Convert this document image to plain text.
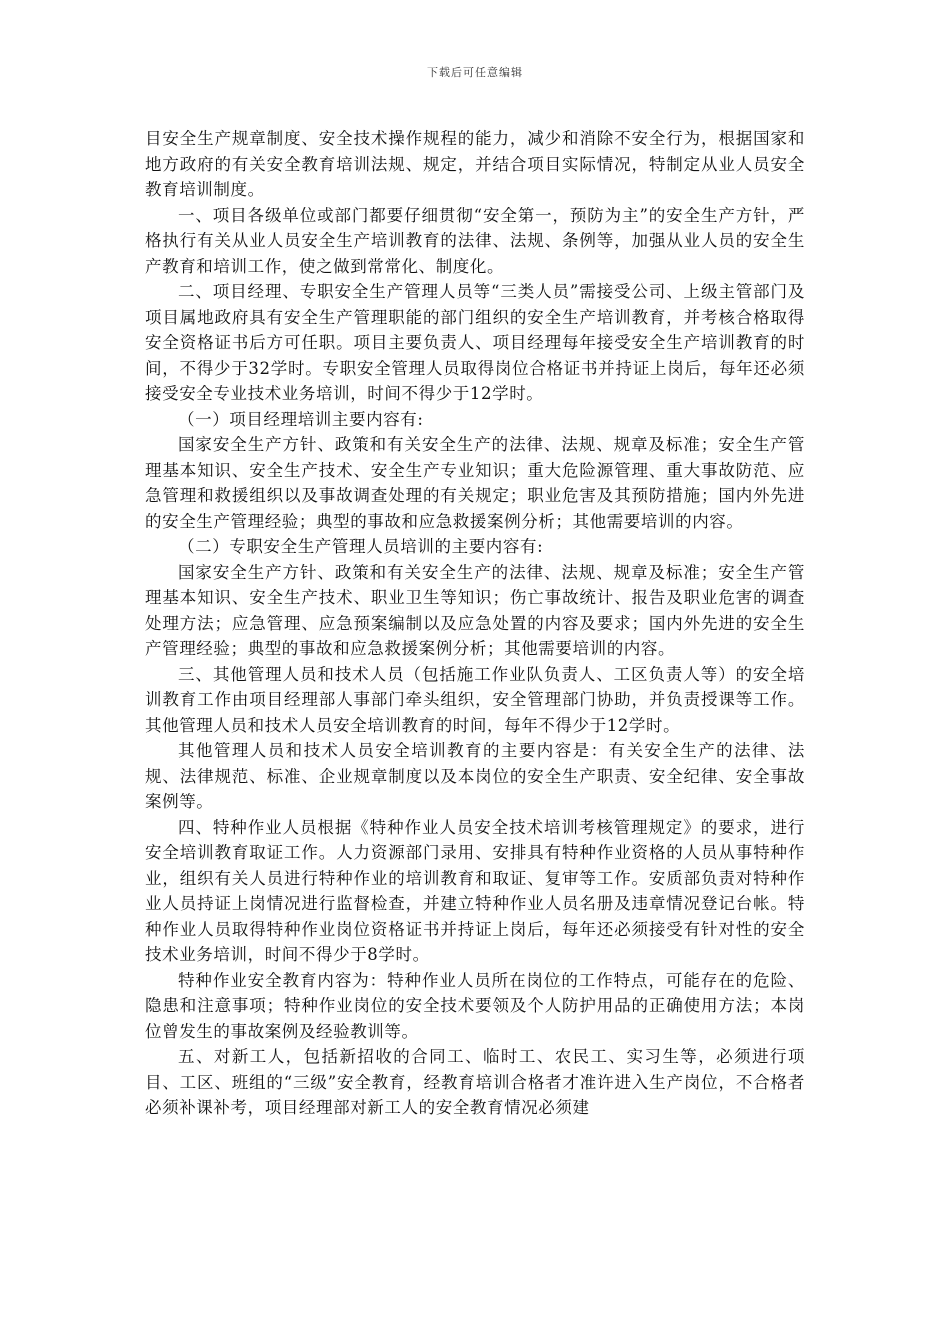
下载后可任意编辑

目安全生产规章制度、安全技术操作规程的能力，减少和消除不安全行为，根据国家和地方政府的有关安全教育培训法规、规定，并结合项目实际情况，特制定从业人员安全教育培训制度。

一、项目各级单位或部门都要仔细贯彻“安全第一，预防为主”的安全生产方针，严格执行有关从业人员安全生产培训教育的法律、法规、条例等，加强从业人员的安全生产教育和培训工作，使之做到常常化、制度化。

二、项目经理、专职安全生产管理人员等“三类人员”需接受公司、上级主管部门及项目属地政府具有安全生产管理职能的部门组织的安全生产培训教育，并考核合格取得安全资格证书后方可任职。项目主要负责人、项目经理每年接受安全生产培训教育的时间，不得少于32学时。专职安全管理人员取得岗位合格证书并持证上岗后，每年还必须接受安全专业技术业务培训，时间不得少于12学时。

（一）项目经理培训主要内容有:

国家安全生产方针、政策和有关安全生产的法律、法规、规章及标准；安全生产管理基本知识、安全生产技术、安全生产专业知识；重大危险源管理、重大事故防范、应急管理和救援组织以及事故调查处理的有关规定；职业危害及其预防措施；国内外先进的安全生产管理经验；典型的事故和应急救援案例分析；其他需要培训的内容。

（二）专职安全生产管理人员培训的主要内容有:

国家安全生产方针、政策和有关安全生产的法律、法规、规章及标准；安全生产管理基本知识、安全生产技术、职业卫生等知识；伤亡事故统计、报告及职业危害的调查处理方法；应急管理、应急预案编制以及应急处置的内容及要求；国内外先进的安全生产管理经验；典型的事故和应急救援案例分析；其他需要培训的内容。

三、其他管理人员和技术人员（包括施工作业队负责人、工区负责人等）的安全培训教育工作由项目经理部人事部门牵头组织，安全管理部门协助，并负责授课等工作。其他管理人员和技术人员安全培训教育的时间，每年不得少于12学时。

其他管理人员和技术人员安全培训教育的主要内容是：有关安全生产的法律、法规、法律规范、标准、企业规章制度以及本岗位的安全生产职责、安全纪律、安全事故案例等。

四、特种作业人员根据《特种作业人员安全技术培训考核管理规定》的要求，进行安全培训教育取证工作。人力资源部门录用、安排具有特种作业资格的人员从事特种作业，组织有关人员进行特种作业的培训教育和取证、复审等工作。安质部负责对特种作业人员持证上岗情况进行监督检查，并建立特种作业人员名册及违章情况登记台帐。特种作业人员取得特种作业岗位资格证书并持证上岗后，每年还必须接受有针对性的安全技术业务培训，时间不得少于8学时。

特种作业安全教育内容为：特种作业人员所在岗位的工作特点，可能存在的危险、隐患和注意事项；特种作业岗位的安全技术要领及个人防护用品的正确使用方法；本岗位曾发生的事故案例及经验教训等。

五、对新工人，包括新招收的合同工、临时工、农民工、实习生等，必须进行项目、工区、班组的“三级”安全教育，经教育培训合格者才准许进入生产岗位，不合格者必须补课补考，项目经理部对新工人的安全教育情况必须建
